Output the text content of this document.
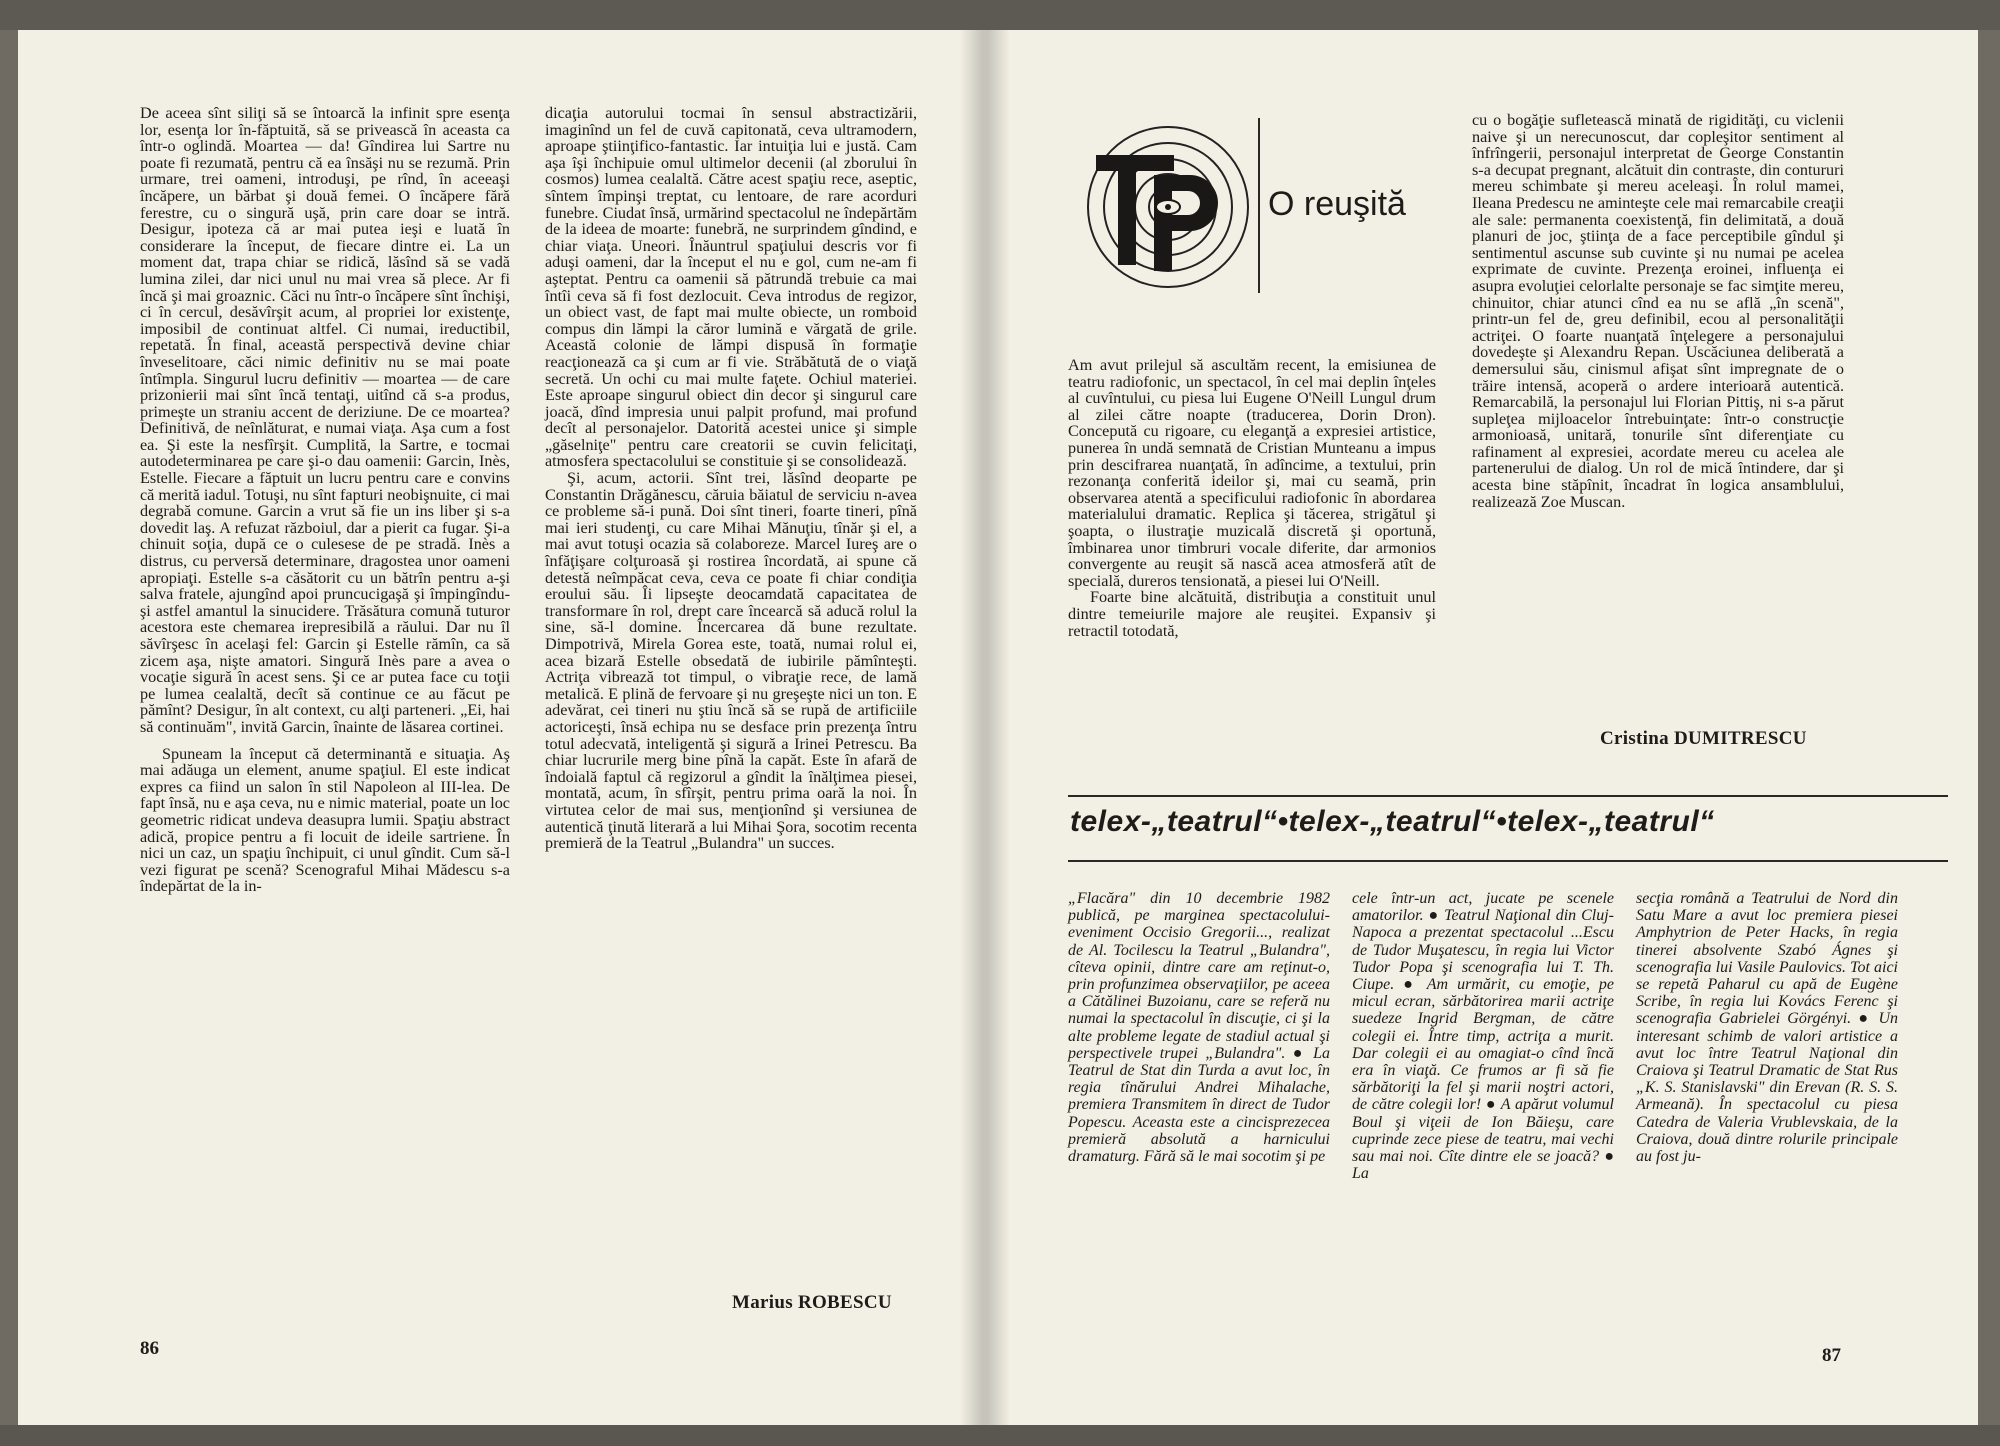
De aceea sînt siliţi să se întoarcă la infinit spre esenţa lor, esenţa lor în-făptuită, să se privească în aceasta ca într-o oglindă. Moartea — da! Gîndirea lui Sartre nu poate fi rezumată, pentru că ea însăşi nu se rezumă. Prin urmare, trei oameni, introduşi, pe rînd, în aceeaşi încăpere, un bărbat şi două femei. O încăpere fără ferestre, cu o singură uşă, prin care doar se intră. Desigur, ipoteza că ar mai putea ieşi e luată în considerare la început, de fiecare dintre ei. La un moment dat, trapa chiar se ridică, lăsînd să se vadă lumina zilei, dar nici unul nu mai vrea să plece. Ar fi încă şi mai groaznic. Căci nu într-o încăpere sînt închişi, ci în cercul, desăvîrşit acum, al propriei lor existenţe, imposibil de continuat altfel. Ci numai, ireductibil, repetată. În final, această perspectivă devine chiar înveselitoare, căci nimic definitiv nu se mai poate întîmpla. Singurul lucru definitiv — moartea — de care prizonierii mai sînt încă tentaţi, uitînd că s-a produs, primeşte un straniu accent de deriziune. De ce moartea? Definitivă, de neînlăturat, e numai viaţa. Aşa cum a fost ea. Şi este la nesfîrşit. Cumplită, la Sartre, e tocmai autodeterminarea pe care şi-o dau oamenii: Garcin, Inès, Estelle. Fiecare a făptuit un lucru pentru care e convins că merită iadul. Totuşi, nu sînt fapturi neobişnuite, ci mai degrabă comune. Garcin a vrut să fie un ins liber şi s-a dovedit laş. A refuzat războiul, dar a pierit ca fugar. Şi-a chinuit soţia, după ce o culesese de pe stradă. Inès a distrus, cu perversă determinare, dragostea unor oameni apropiaţi. Estelle s-a căsătorit cu un bătrîn pentru a-şi salva fratele, ajungînd apoi pruncucigaşă şi împingîndu-şi astfel amantul la sinucidere. Trăsătura comună tuturor acestora este chemarea irepresibilă a răului. Dar nu îl săvîrşesc în acelaşi fel: Garcin şi Estelle rămîn, ca să zicem aşa, nişte amatori. Singură Inès pare a avea o vocaţie sigură în acest sens. Şi ce ar putea face cu toţii pe lumea cealaltă, decît să continue ce au făcut pe pămînt? Desigur, în alt context, cu alţi parteneri. „Ei, hai să continuăm", invită Garcin, înainte de lăsarea cortinei.

Spuneam la început că determinantă e situaţia. Aş mai adăuga un element, anume spaţiul. El este indicat expres ca fiind un salon în stil Napoleon al III-lea. De fapt însă, nu e aşa ceva, nu e nimic material, poate un loc geometric ridicat undeva deasupra lumii. Spaţiu abstract adică, propice pentru a fi locuit de ideile sartriene. În nici un caz, un spaţiu închipuit, ci unul gîndit. Cum să-l vezi figurat pe scenă? Scenograful Mihai Mădescu s-a îndepărtat de la in-

dicaţia autorului tocmai în sensul abstractizării, imaginînd un fel de cuvă capitonată, ceva ultramodern, aproape ştiinţifico-fantastic. Iar intuiţia lui e justă. Cam aşa îşi închipuie omul ultimelor decenii (al zborului în cosmos) lumea cealaltă. Către acest spaţiu rece, aseptic, sîntem împinşi treptat, cu lentoare, de rare acorduri funebre. Ciudat însă, urmărind spectacolul ne îndepărtăm de la ideea de moarte: funebră, ne surprindem gîndind, e chiar viaţa. Uneori. Înăuntrul spaţiului descris vor fi aduşi oameni, dar la început el nu e gol, cum ne-am fi aşteptat. Pentru ca oamenii să pătrundă trebuie ca mai întîi ceva să fi fost dezlocuit. Ceva introdus de regizor, un obiect vast, de fapt mai multe obiecte, un romboid compus din lămpi la căror lumină e vărgată de grile. Această colonie de lămpi dispusă în formaţie reacţionează ca şi cum ar fi vie. Străbătută de o viaţă secretă. Un ochi cu mai multe faţete. Ochiul materiei. Este aproape singurul obiect din decor şi singurul care joacă, dînd impresia unui palpit profund, mai profund decît al personajelor. Datorită acestei unice şi simple „găselniţe" pentru care creatorii se cuvin felicitaţi, atmosfera spectacolului se constituie şi se consolidează.

Şi, acum, actorii. Sînt trei, lăsînd deoparte pe Constantin Drăgănescu, căruia băiatul de serviciu n-avea ce probleme să-i pună. Doi sînt tineri, foarte tineri, pînă mai ieri studenţi, cu care Mihai Mănuţiu, tînăr şi el, a mai avut totuşi ocazia să colaboreze. Marcel Iureş are o înfăţişare colţuroasă şi rostirea încordată, ai spune că detestă neîmpăcat ceva, ceva ce poate fi chiar condiţia eroului său. Îi lipseşte deocamdată capacitatea de transformare în rol, drept care încearcă să aducă rolul la sine, să-l domine. Încercarea dă bune rezultate. Dimpotrivă, Mirela Gorea este, toată, numai rolul ei, acea bizară Estelle obsedată de iubirile pămînteşti. Actriţa vibrează tot timpul, o vibraţie rece, de lamă metalică. E plină de fervoare şi nu greşeşte nici un ton. E adevărat, cei tineri nu ştiu încă să se rupă de artificiile actoriceşti, însă echipa nu se desface prin prezenţa întru totul adecvată, inteligentă şi sigură a Irinei Petrescu. Ba chiar lucrurile merg bine pînă la capăt. Este în afară de îndoială faptul că regizorul a gîndit la înălţimea piesei, montată, acum, în sfîrşit, pentru prima oară la noi. În virtutea celor de mai sus, menţionînd şi versiunea de autentică ţinută literară a lui Mihai Şora, socotim recenta premieră de la Teatrul „Bulandra" un succes.

Marius ROBESCU
86
O reuşită

Am avut prilejul să ascultăm recent, la emisiunea de teatru radiofonic, un spectacol, în cel mai deplin înţeles al cuvîntului, cu piesa lui Eugene O'Neill Lungul drum al zilei către noapte (traducerea, Dorin Dron). Concepută cu rigoare, cu eleganţă a expresiei artistice, punerea în undă semnată de Cristian Munteanu a impus prin descifrarea nuanţată, în adîncime, a textului, prin rezonanţa conferită ideilor şi, mai cu seamă, prin observarea atentă a specificului radiofonic în abordarea materialului dramatic. Replica şi tăcerea, strigătul şi şoapta, o ilustraţie muzicală discretă şi oportună, îmbinarea unor timbruri vocale diferite, dar armonios convergente au reuşit să nască acea atmosferă atît de specială, dureros tensionată, a piesei lui O'Neill.

Foarte bine alcătuită, distribuţia a constituit unul dintre temeiurile majore ale reuşitei. Expansiv şi retractil totodată,

cu o bogăţie sufletească minată de rigidităţi, cu viclenii naive şi un nerecunoscut, dar copleşitor sentiment al înfrîngerii, personajul interpretat de George Constantin s-a decupat pregnant, alcătuit din contraste, din contururi mereu schimbate şi mereu aceleaşi. În rolul mamei, Ileana Predescu ne aminteşte cele mai remarcabile creaţii ale sale: permanenta coexistenţă, fin delimitată, a două planuri de joc, ştiinţa de a face perceptibile gîndul şi sentimentul ascunse sub cuvinte şi nu numai pe acelea exprimate de cuvinte. Prezenţa eroinei, influenţa ei asupra evoluţiei celorlalte personaje se fac simţite mereu, chinuitor, chiar atunci cînd ea nu se află „în scenă", printr-un fel de, greu definibil, ecou al personalităţii actriţei. O foarte nuanţată înţelegere a personajului dovedeşte şi Alexandru Repan. Uscăciunea deliberată a demersului său, cinismul afişat sînt impregnate de o trăire intensă, acoperă o ardere interioară autentică. Remarcabilă, la personajul lui Florian Pittiş, ni s-a părut supleţea mijloacelor întrebuinţate: într-o construcţie armonioasă, unitară, tonurile sînt diferenţiate cu rafinament al expresiei, acordate mereu cu acelea ale partenerului de dialog. Un rol de mică întindere, dar şi acesta bine stăpînit, încadrat în logica ansamblului, realizează Zoe Muscan.

Cristina DUMITRESCU
telex-„teatrul“•telex-„teatrul“•telex-„teatrul“
„Flacăra" din 10 decembrie 1982 publică, pe marginea spectacolului-eveniment Occisio Gregorii..., realizat de Al. Tocilescu la Teatrul „Bulandra", cîteva opinii, dintre care am reţinut-o, prin profunzimea observaţiilor, pe aceea a Cătălinei Buzoianu, care se referă nu numai la spectacolul în discuţie, ci şi la alte probleme legate de stadiul actual şi perspectivele trupei „Bulandra". ● La Teatrul de Stat din Turda a avut loc, în regia tînărului Andrei Mihalache, premiera Transmitem în direct de Tudor Popescu. Aceasta este a cincisprezecea premieră absolută a harnicului dramaturg. Fără să le mai socotim şi pe
cele într-un act, jucate pe scenele amatorilor. ● Teatrul Naţional din Cluj-Napoca a prezentat spectacolul ...Escu de Tudor Muşatescu, în regia lui Victor Tudor Popa şi scenografia lui T. Th. Ciupe. ● Am urmărit, cu emoţie, pe micul ecran, sărbătorirea marii actriţe suedeze Ingrid Bergman, de către colegii ei. Între timp, actriţa a murit. Dar colegii ei au omagiat-o cînd încă era în viaţă. Ce frumos ar fi să fie sărbătoriţi la fel şi marii noştri actori, de către colegii lor! ● A apărut volumul Boul şi viţeii de Ion Băieşu, care cuprinde zece piese de teatru, mai vechi sau mai noi. Cîte dintre ele se joacă? ● La
secţia română a Teatrului de Nord din Satu Mare a avut loc premiera piesei Amphytrion de Peter Hacks, în regia tinerei absolvente Szabó Ágnes şi scenografia lui Vasile Paulovics. Tot aici se repetă Paharul cu apă de Eugène Scribe, în regia lui Kovács Ferenc şi scenografia Gabrielei Görgényi. ● Un interesant schimb de valori artistice a avut loc între Teatrul Naţional din Craiova şi Teatrul Dramatic de Stat Rus „K. S. Stanislavski" din Erevan (R. S. S. Armeană). În spectacolul cu piesa Catedra de Valeria Vrublevskaia, de la Craiova, două dintre rolurile principale au fost ju-
87
